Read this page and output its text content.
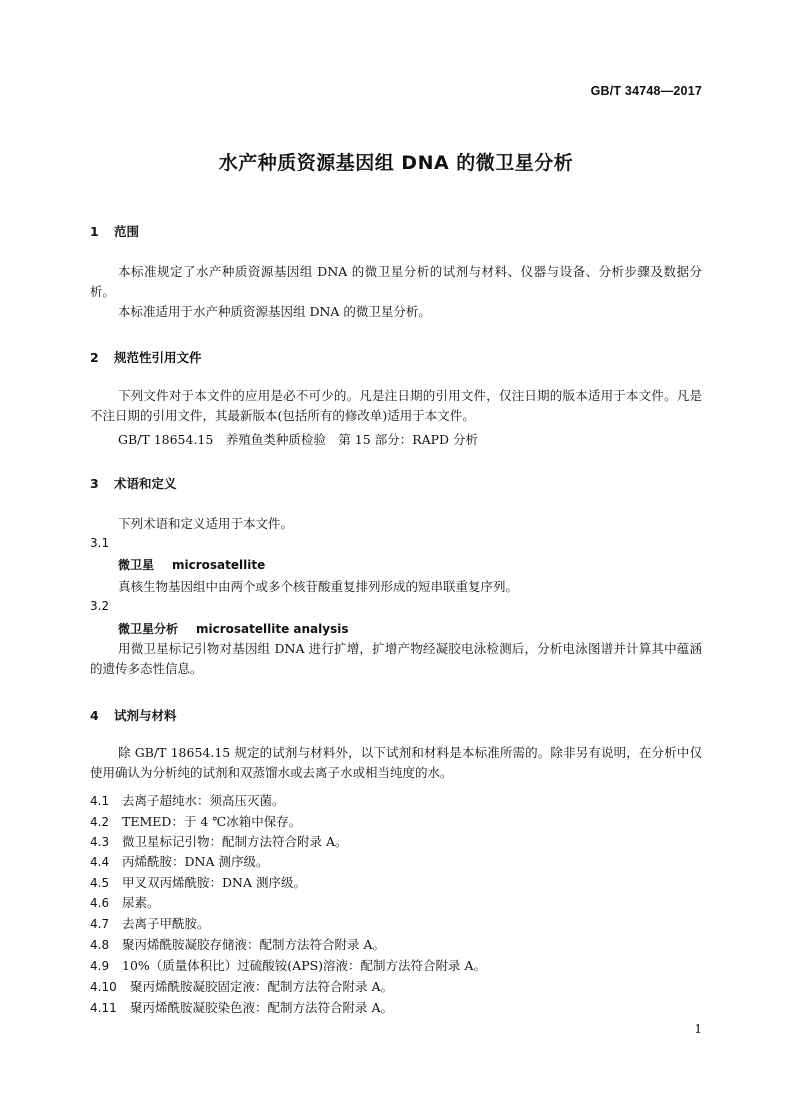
GB/T 34748—2017
水产种质资源基因组 DNA 的微卫星分析
1 范围
本标准规定了水产种质资源基因组 DNA 的微卫星分析的试剂与材料、仪器与设备、分析步骤及数据分析。
本标准适用于水产种质资源基因组 DNA 的微卫星分析。
2 规范性引用文件
下列文件对于本文件的应用是必不可少的。凡是注日期的引用文件，仅注日期的版本适用于本文件。凡是不注日期的引用文件，其最新版本(包括所有的修改单)适用于本文件。
GB/T 18654.15　养殖鱼类种质检验　第 15 部分：RAPD 分析
3 术语和定义
下列术语和定义适用于本文件。
3.1
微卫星 microsatellite
真核生物基因组中由两个或多个核苷酸重复排列形成的短串联重复序列。
3.2
微卫星分析 microsatellite analysis
用微卫星标记引物对基因组 DNA 进行扩增，扩增产物经凝胶电泳检测后，分析电泳图谱并计算其中蕴涵的遗传多态性信息。
4 试剂与材料
除 GB/T 18654.15 规定的试剂与材料外，以下试剂和材料是本标准所需的。除非另有说明，在分析中仅使用确认为分析纯的试剂和双蒸馏水或去离子水或相当纯度的水。
4.1 去离子超纯水：须高压灭菌。
4.2 TEMED：于 4 ℃冰箱中保存。
4.3 微卫星标记引物：配制方法符合附录 A。
4.4 丙烯酰胺：DNA 测序级。
4.5 甲叉双丙烯酰胺：DNA 测序级。
4.6 尿素。
4.7 去离子甲酰胺。
4.8 聚丙烯酰胺凝胶存储液：配制方法符合附录 A。
4.9 10%（质量体积比）过硫酸铵(APS)溶液：配制方法符合附录 A。
4.10 聚丙烯酰胺凝胶固定液：配制方法符合附录 A。
4.11 聚丙烯酰胺凝胶染色液：配制方法符合附录 A。
1
